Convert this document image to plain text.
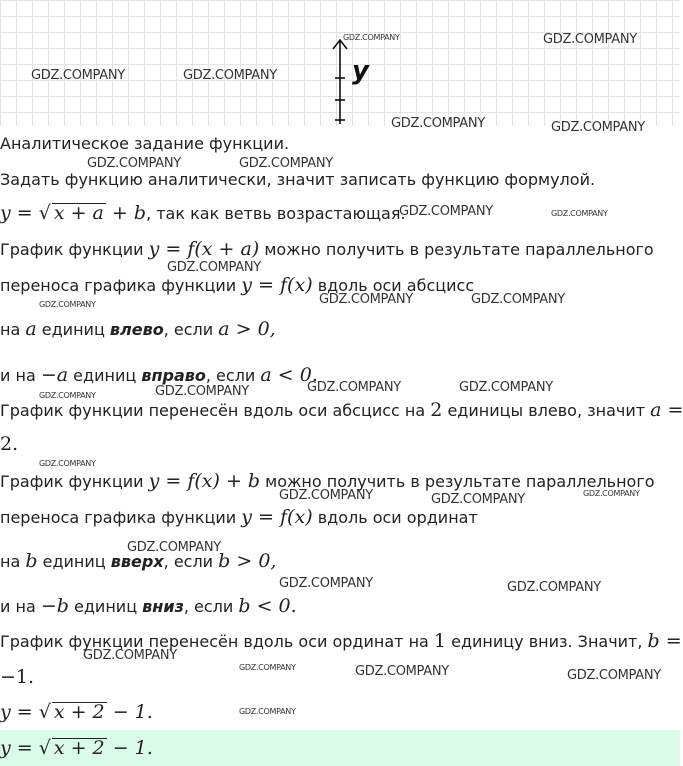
y
Аналитическое задание функции.
Задать функцию аналитически, значит записать функцию формулой.
y = √ x + a + b, так как ветвь возрастающая.
График функции y = f(x + a) можно получить в результате параллельного
переноса графика функции y = f(x) вдоль оси абсцисс
на a единиц влево, если a > 0,
и на −a единиц вправо, если a < 0.
График функции перенесён вдоль оси абсцисс на 2 единицы влево, значит a =
2.
График функции y = f(x) + b можно получить в результате параллельного
переноса графика функции y = f(x) вдоль оси ординат
на b единиц вверх, если b > 0,
и на −b единиц вниз, если b < 0.
График функции перенесён вдоль оси ординат на 1 единицу вниз. Значит, b =
−1.
y = √ x + 2 − 1.
y = √ x + 2 − 1.
GDZ.COMPANY	GDZ.COMPANY
GDZ.COMPANY	GDZ.COMPANY
GDZ.COMPANY	GDZ.COMPANY
GDZ.COMPANY	GDZ.COMPANY
GDZ.COMPANY	GDZ.COMPANY
GDZ.COMPANY
GDZ.COMPANY	GDZ.COMPANY
GDZ.COMPANY
GDZ.COMPANY	GDZ.COMPANY
GDZ.COMPANY
GDZ.COMPANY
GDZ.COMPANY
GDZ.COMPANY	GDZ.COMPANY	GDZ.COMPANY
GDZ.COMPANY
GDZ.COMPANY	GDZ.COMPANY
GDZ.COMPANY
GDZ.COMPANY	GDZ.COMPANY	GDZ.COMPANY
GDZ.COMPANY
